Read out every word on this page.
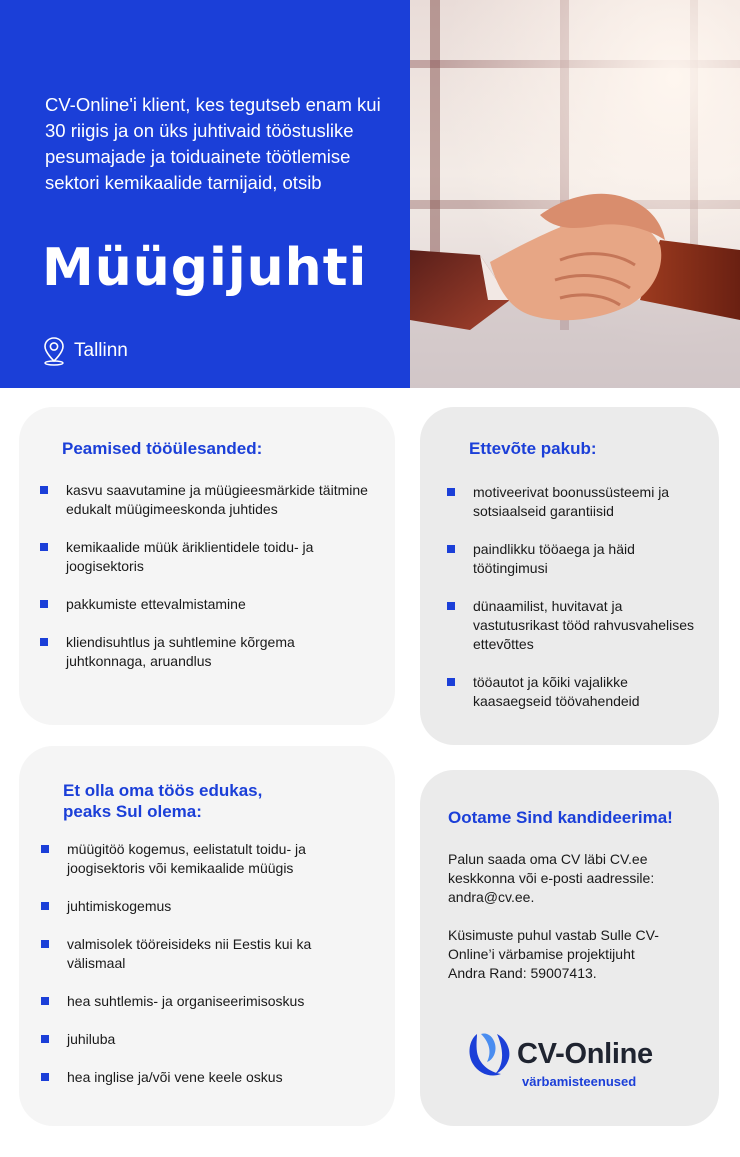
CV-Online'i klient, kes tegutseb enam kui 30 riigis ja on üks juhtivaid tööstuslike pesumajade ja toiduainete töötlemise sektori kemikaalide tarnijaid, otsib

Müügijuhti
Tallinn
Peamised tööülesanded:
kasvu saavutamine ja müügieesmärkide täitmine edukalt müügimeeskonda juhtides
kemikaalide müük äriklientidele toidu- ja joogisektoris
pakkumiste ettevalmistamine
kliendisuhtlus ja suhtlemine kõrgema juhtkonnaga, aruandlus
Ettevõte pakub:
motiveerivat boonussüsteemi ja sotsiaalseid garantiisid
paindlikku tööaega ja häid töötingimusi
dünaamilist, huvitavat ja vastutusrikast tööd rahvusvahelises ettevõttes
tööautot ja kõiki vajalikke kaasaegseid töövahendeid
Et olla oma töös edukas, peaks Sul olema:
müügitöö kogemus, eelistatult toidu- ja joogisektoris või kemikaalide müügis
juhtimiskogemus
valmisolek tööreisideks nii Eestis kui ka välismaal
hea suhtlemis- ja organiseerimisoskus
juhiluba
hea inglise ja/või vene keele oskus
Ootame Sind kandideerima!

Palun saada oma CV läbi CV.ee keskkonna või e-posti aadressile: andra@cv.ee.

Küsimuste puhul vastab Sulle CV-Online’i värbamise projektijuht Andra Rand: 59007413.

CV-Online
värbamisteenused
